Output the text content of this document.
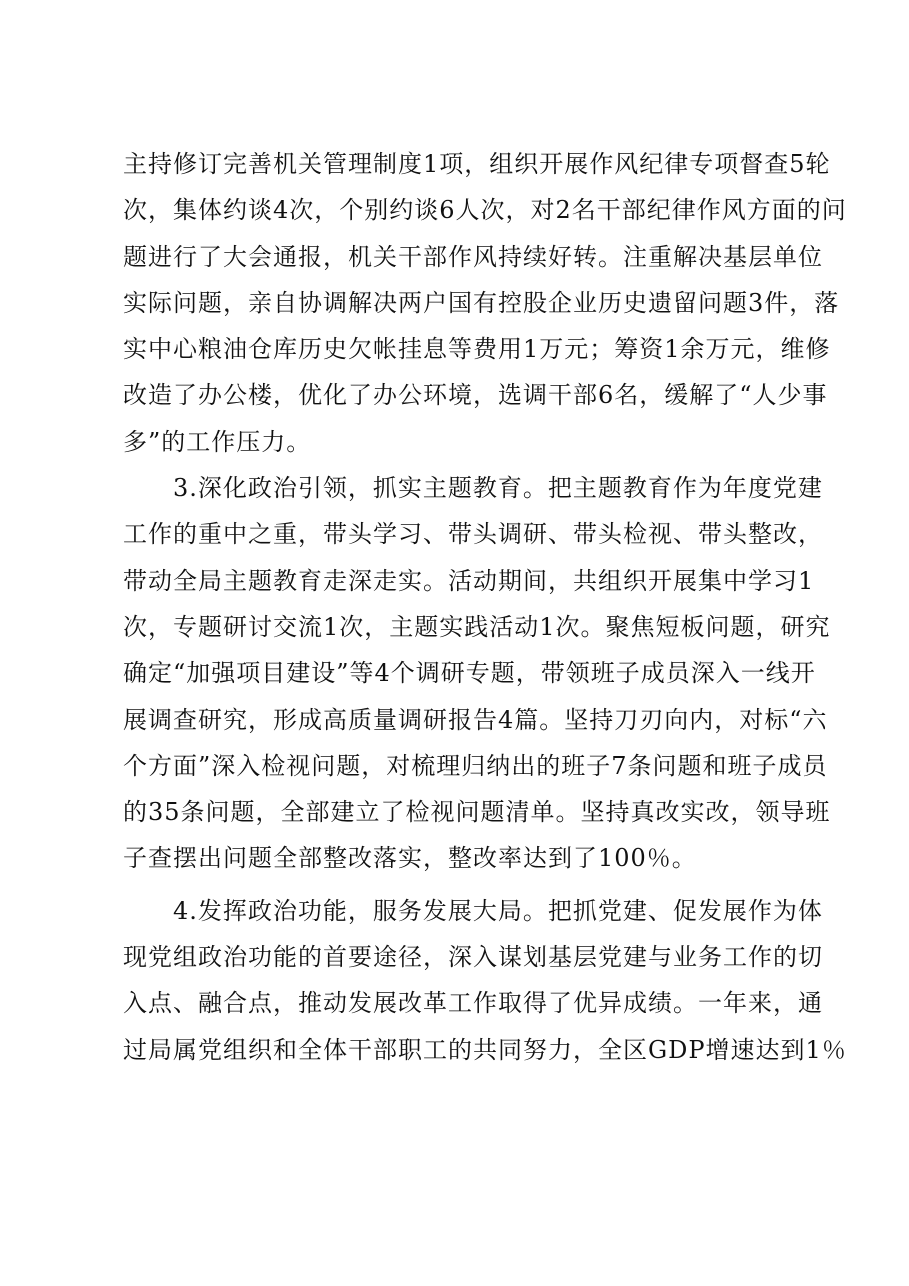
主持修订完善机关管理制度1项，组织开展作风纪律专项督查5轮
次，集体约谈4次，个别约谈6人次，对2名干部纪律作风方面的问
题进行了大会通报，机关干部作风持续好转。注重解决基层单位
实际问题，亲自协调解决两户国有控股企业历史遗留问题3件，落
实中心粮油仓库历史欠帐挂息等费用1万元；筹资1余万元，维修
改造了办公楼，优化了办公环境，选调干部6名，缓解了“人少事
多”的工作压力。
　　3.深化政治引领，抓实主题教育。把主题教育作为年度党建
工作的重中之重，带头学习、带头调研、带头检视、带头整改，
带动全局主题教育走深走实。活动期间，共组织开展集中学习1
次，专题研讨交流1次，主题实践活动1次。聚焦短板问题，研究
确定“加强项目建设”等4个调研专题，带领班子成员深入一线开
展调查研究，形成高质量调研报告4篇。坚持刀刃向内，对标“六
个方面”深入检视问题，对梳理归纳出的班子7条问题和班子成员
的35条问题，全部建立了检视问题清单。坚持真改实改，领导班
子查摆出问题全部整改落实，整改率达到了100％。
　　4.发挥政治功能，服务发展大局。把抓党建、促发展作为体
现党组政治功能的首要途径，深入谋划基层党建与业务工作的切
入点、融合点，推动发展改革工作取得了优异成绩。一年来，通
过局属党组织和全体干部职工的共同努力，全区GDP增速达到1％
